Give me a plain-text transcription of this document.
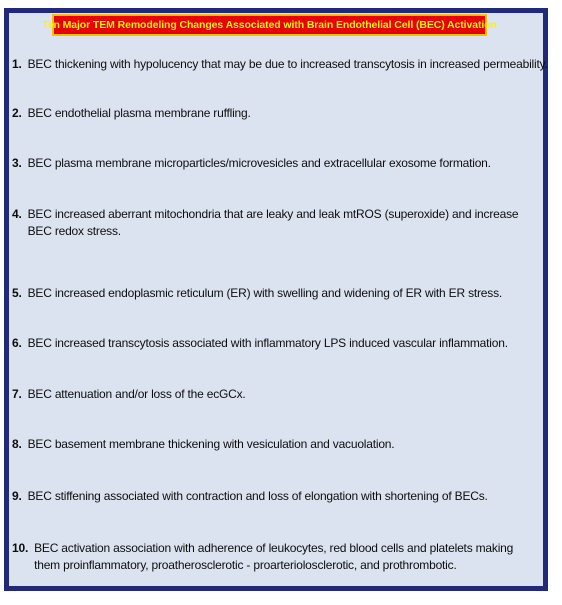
Ten Major TEM Remodeling Changes Associated with Brain Endothelial Cell (BEC) Activation
1. BEC thickening with hypolucency that may be due to increased transcytosis in increased permeability.
2. BEC endothelial plasma membrane ruffling.
3. BEC plasma membrane microparticles/microvesicles and extracellular exosome formation.
4. BEC increased aberrant mitochondria that are leaky and leak mtROS (superoxide) and increase BEC redox stress.
5. BEC increased endoplasmic reticulum (ER) with swelling and widening of ER with ER stress.
6. BEC increased transcytosis associated with inflammatory LPS induced vascular inflammation.
7. BEC attenuation and/or loss of the ecGCx.
8. BEC basement membrane thickening with vesiculation and vacuolation.
9. BEC stiffening associated with contraction and loss of elongation with shortening of BECs.
10. BEC activation association with adherence of leukocytes, red blood cells and platelets making them proinflammatory, proatherosclerotic - proarteriolosclerotic, and prothrombotic.
